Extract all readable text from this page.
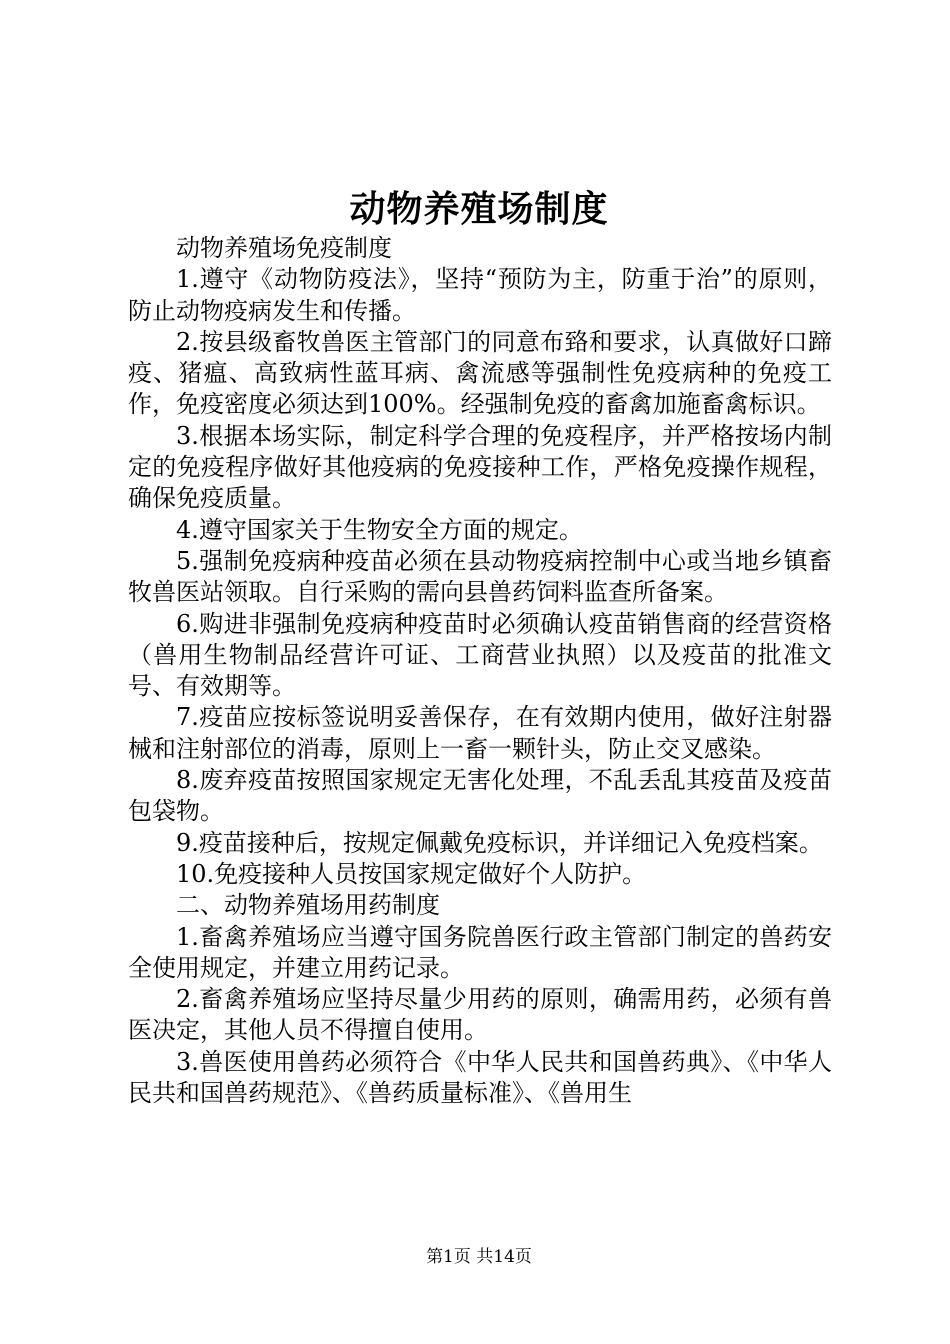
动物养殖场制度

动物养殖场免疫制度

1.遵守《动物防疫法》，坚持“预防为主，防重于治”的原则，防止动物疫病发生和传播。

2.按县级畜牧兽医主管部门的同意布臵和要求，认真做好口蹄疫、猪瘟、高致病性蓝耳病、禽流感等强制性免疫病种的免疫工作，免疫密度必须达到100%。经强制免疫的畜禽加施畜禽标识。

3.根据本场实际，制定科学合理的免疫程序，并严格按场内制定的免疫程序做好其他疫病的免疫接种工作，严格免疫操作规程，确保免疫质量。

4.遵守国家关于生物安全方面的规定。

5.强制免疫病种疫苗必须在县动物疫病控制中心或当地乡镇畜牧兽医站领取。自行采购的需向县兽药饲料监查所备案。

6.购进非强制免疫病种疫苗时必须确认疫苗销售商的经营资格（兽用生物制品经营许可证、工商营业执照）以及疫苗的批准文号、有效期等。

7.疫苗应按标签说明妥善保存，在有效期内使用，做好注射器械和注射部位的消毒，原则上一畜一颗针头，防止交叉感染。

8.废弃疫苗按照国家规定无害化处理，不乱丢乱其疫苗及疫苗包袋物。

9.疫苗接种后，按规定佩戴免疫标识，并详细记入免疫档案。

10.免疫接种人员按国家规定做好个人防护。

二、动物养殖场用药制度

1.畜禽养殖场应当遵守国务院兽医行政主管部门制定的兽药安全使用规定，并建立用药记录。

2.畜禽养殖场应坚持尽量少用药的原则，确需用药，必须有兽医决定，其他人员不得擅自使用。

3.兽医使用兽药必须符合《中华人民共和国兽药典》、《中华人民共和国兽药规范》、《兽药质量标准》、《兽用生

第1页 共14页
